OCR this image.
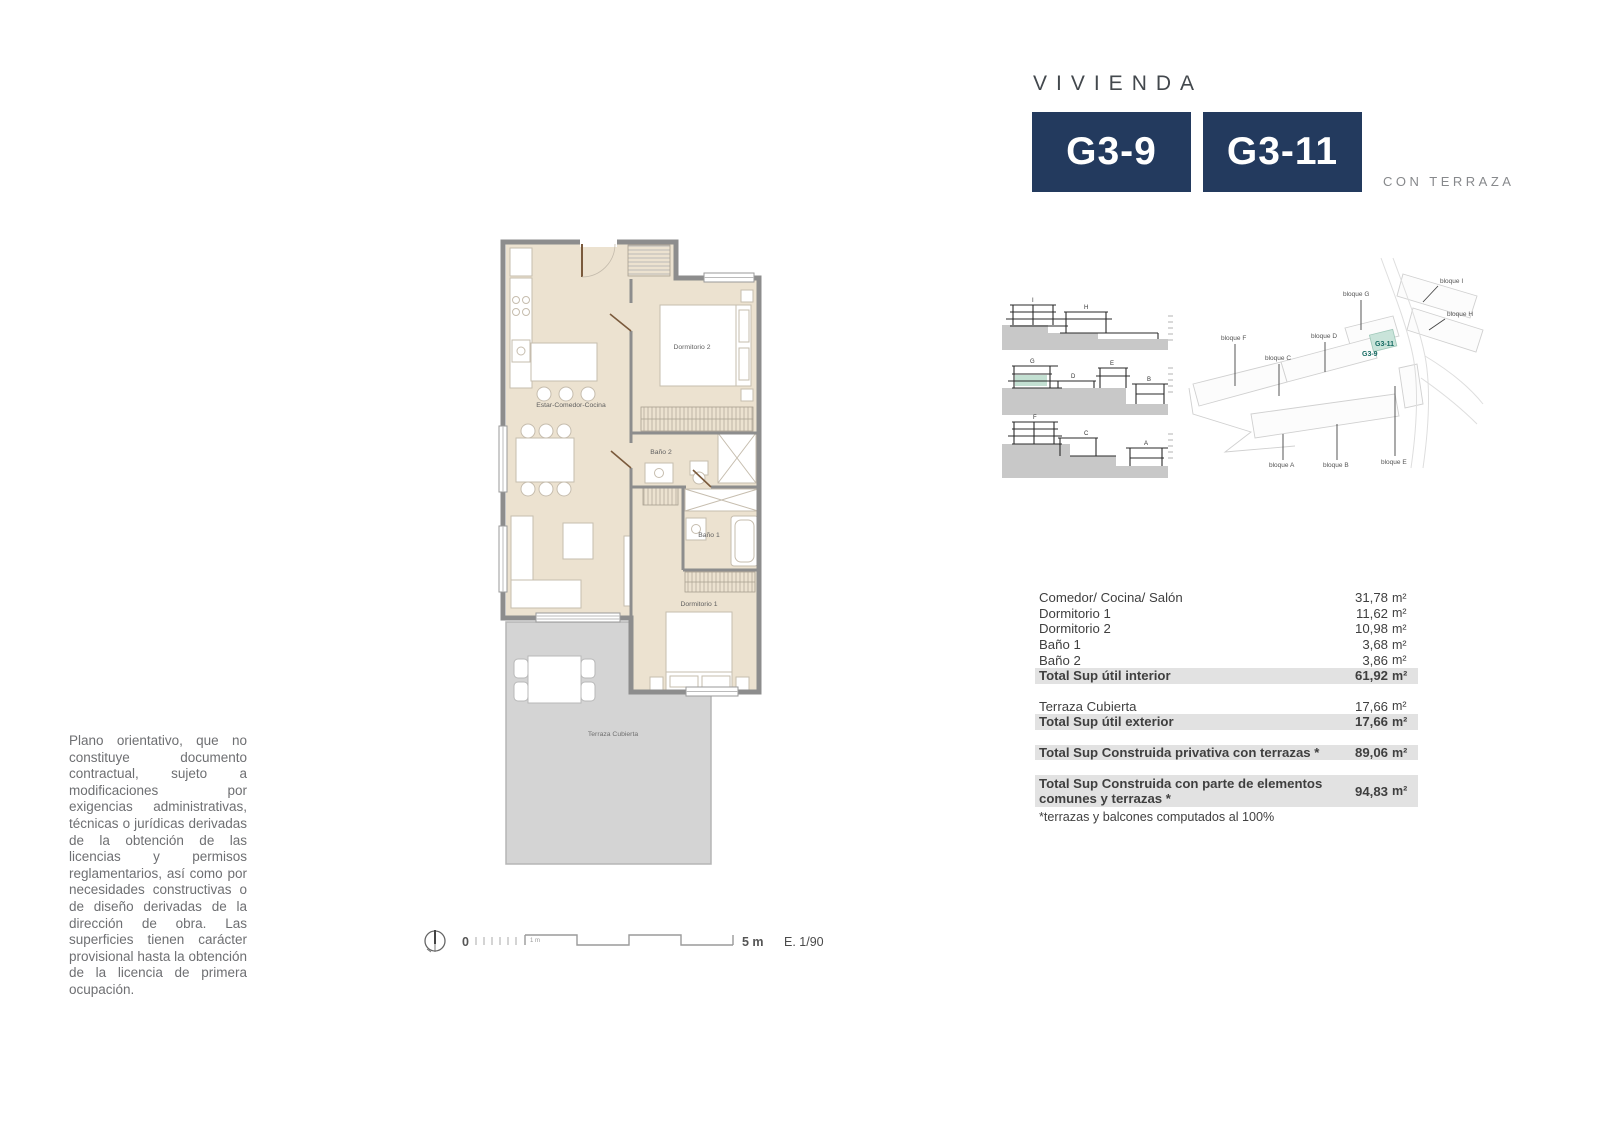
VIVIENDA
G3-9	G3-11
CON TERRAZA
I
H
G
D
E
B
F
C
A
bloque G
bloque I
bloque H
bloque F	bloque D
bloque C
bloque A	bloque B	bloque E
G3-11
G3-9
Estar-Comedor-Cocina
Dormitorio 2
Baño 2
Baño 1
Dormitorio 1
Terraza Cubierta
0	1 m	5 m E. 1/90
Comedor/ Cocina/ Salón	31,78 m²
Dormitorio 1	11,62 m²
Dormitorio 2	10,98 m²
Baño 1	3,68 m²
Baño 2	3,86 m²
Total Sup útil interior	61,92 m²
Terraza Cubierta	17,66 m²
Total Sup útil exterior	17,66 m²
Total Sup Construida privativa con terrazas *	89,06 m²
Total Sup Construida con parte de elementos comunes y terrazas *	94,83 m²
*terrazas y balcones computados al 100%
Plano orientativo, que no constituye documento contractual, sujeto a modificaciones por exigencias administrativas, técnicas o jurídicas derivadas de la obtención de las licencias y permisos reglamentarios, así como por necesidades constructivas o de diseño derivadas de la dirección de obra. Las superficies tienen carácter provisional hasta la obtención de la licencia de primera ocupación.
